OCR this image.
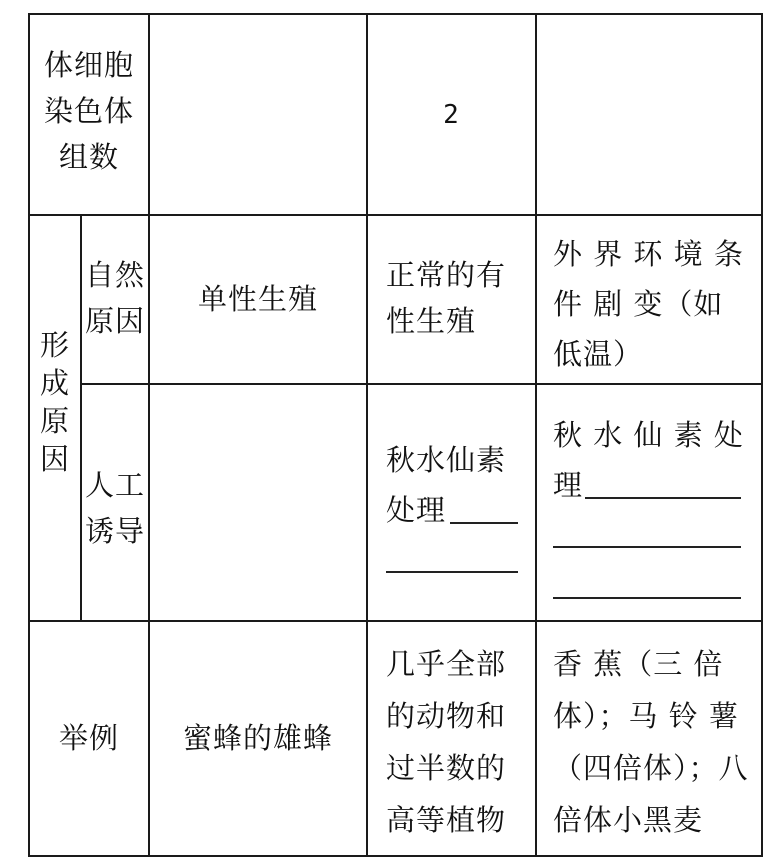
体细胞
染色体
组数
2
形
成
原
因
自然
原因
单性生殖
正常的有
性生殖
外 界 环 境 条
件 剧 变（如
低温）
人工
诱导
秋水仙素
处理
秋 水 仙 素 处
理
举例	蜜蜂的雄蜂
几乎全部
的动物和
过半数的
高等植物
香 蕉（三 倍
体）；马 铃 薯
（四倍体）；八
倍体小黑麦
